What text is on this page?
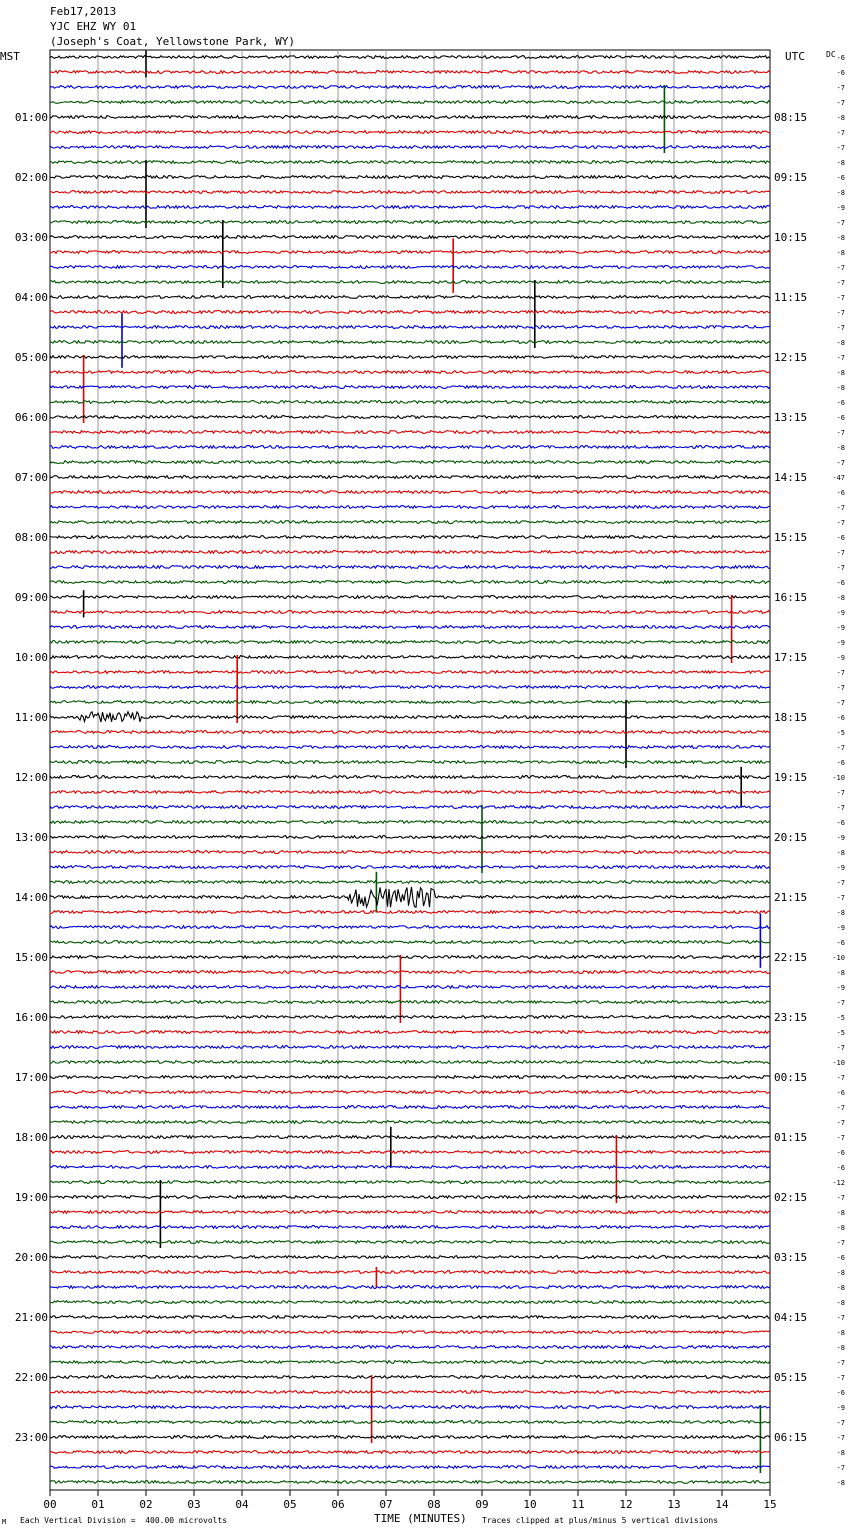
Feb17,2013
YJC EHZ WY 01
(Joseph's Coat, Yellowstone Park, WY)
MST	UTC	DC -6
-6
-7
-7
-8
-7
-7
-8
-6
-8
-9
-7
-8
-8
-7
-7
-7
-7
-7
-8
-7
-8
-8
-6
-6
-7
-8
-7
-47
-6
-7
-7
-6
-7
-7
-6
-8
-9
-9
-9
-9
-7
-7
-7
-6
-5
-7
-6
-10
-7
-7
-6
-9
-8
-9
-7
-7
-8
-9
-6
-10
-8
-9
-7
-5
-5
-7
-10
-7
-6
-7
-7
-7
-6
-6
-12
-7
-8
-8
-7
-6
-8
-8
-8
-7
-8
-8
-7
-7
-6
-9
-7
-7
-8
-7
-8
01:00
02:00
03:00
04:00
05:00
06:00
07:00
08:00
09:00
10:00
11:00
12:00
13:00
14:00
15:00
16:00
17:00
18:00
19:00
20:00
21:00
22:00
23:00
08:15
09:15
10:15
11:15
12:15
13:15
14:15
15:15
16:15
17:15
18:15
19:15
20:15
21:15
22:15
23:15
00:15
01:15
02:15
03:15
04:15
05:15
06:15
00	01	02	03	04	05	06	07	08	09	10	11	12	13	14	15
M Each Vertical Division =  400.00 microvolts	TIME (MINUTES) Traces clipped at plus/minus 5 vertical divisions
